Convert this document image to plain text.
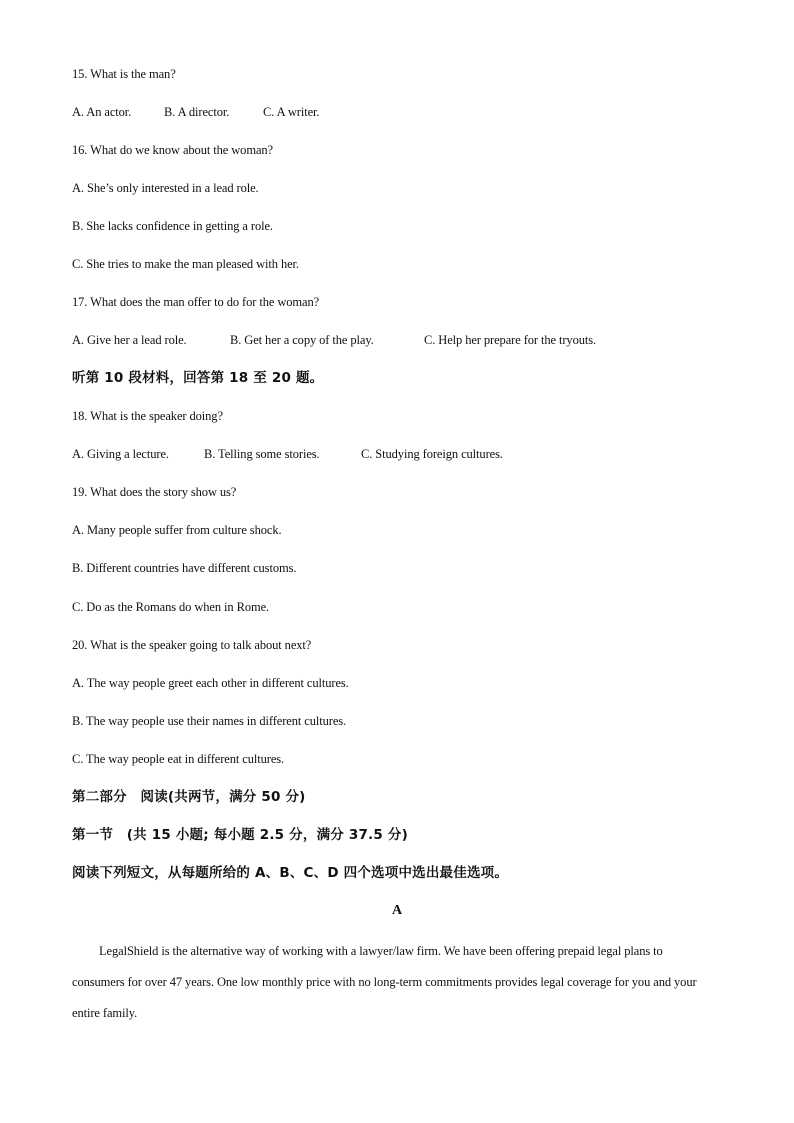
15. What is the man?
A. An actor.	B. A director.	C. A writer.
16. What do we know about the woman?
A. She’s only interested in a lead role.
B. She lacks confidence in getting a role.
C. She tries to make the man pleased with her.
17. What does the man offer to do for the woman?
A. Give her a lead role.	B. Get her a copy of the play.	C. Help her prepare for the tryouts.
听第 10 段材料，回答第 18 至 20 题。
18. What is the speaker doing?
A. Giving a lecture.	B. Telling some stories.	C. Studying foreign cultures.
19. What does the story show us?
A. Many people suffer from culture shock.
B. Different countries have different customs.
C. Do as the Romans do when in Rome.
20. What is the speaker going to talk about next?
A. The way people greet each other in different cultures.
B. The way people use their names in different cultures.
C. The way people eat in different cultures.
第二部分　阅读(共两节，满分 50 分)
第一节　(共 15 小题; 每小题 2.5 分，满分 37.5 分)
阅读下列短文，从每题所给的 A、B、C、D 四个选项中选出最佳选项。
A
LegalShield is the alternative way of working with a lawyer/law firm. We have been offering prepaid legal plans to consumers for over 47 years. One low monthly price with no long-term commitments provides legal coverage for you and your entire family.
